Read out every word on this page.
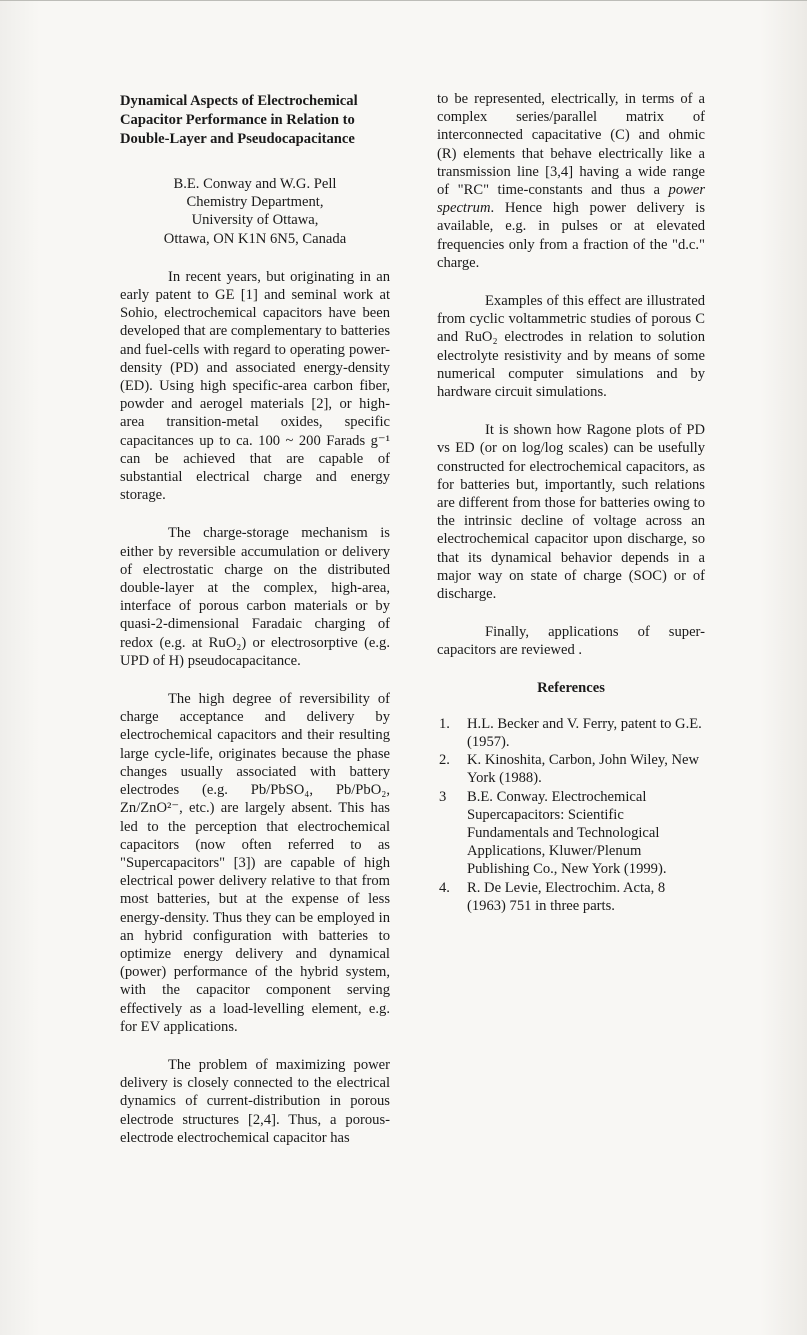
Dynamical Aspects of Electrochemical Capacitor Performance in Relation to Double-Layer and Pseudocapacitance

B.E. Conway and W.G. Pell
Chemistry Department,
University of Ottawa,
Ottawa, ON K1N 6N5, Canada

In recent years, but originating in an early patent to GE [1] and seminal work at Sohio, electrochemical capacitors have been developed that are complementary to batteries and fuel-cells with regard to operating power-density (PD) and associated energy-density (ED). Using high specific-area carbon fiber, powder and aerogel materials [2], or high-area transition-metal oxides, specific capacitances up to ca. 100 ~ 200 Farads g⁻¹ can be achieved that are capable of substantial electrical charge and energy storage.

The charge-storage mechanism is either by reversible accumulation or delivery of electrostatic charge on the distributed double-layer at the complex, high-area, interface of porous carbon materials or by quasi-2-dimensional Faradaic charging of redox (e.g. at RuO₂) or electrosorptive (e.g. UPD of H) pseudocapacitance.

The high degree of reversibility of charge acceptance and delivery by electrochemical capacitors and their resulting large cycle-life, originates because the phase changes usually associated with battery electrodes (e.g. Pb/PbSO₄, Pb/PbO₂, Zn/ZnO²⁻, etc.) are largely absent. This has led to the perception that electrochemical capacitors (now often referred to as "Supercapacitors" [3]) are capable of high electrical power delivery relative to that from most batteries, but at the expense of less energy-density. Thus they can be employed in an hybrid configuration with batteries to optimize energy delivery and dynamical (power) performance of the hybrid system, with the capacitor component serving effectively as a load-levelling element, e.g. for EV applications.

The problem of maximizing power delivery is closely connected to the electrical dynamics of current-distribution in porous electrode structures [2,4]. Thus, a porous-electrode electrochemical capacitor has

to be represented, electrically, in terms of a complex series/parallel matrix of interconnected capacitative (C) and ohmic (R) elements that behave electrically like a transmission line [3,4] having a wide range of "RC" time-constants and thus a power spectrum. Hence high power delivery is available, e.g. in pulses or at elevated frequencies only from a fraction of the "d.c." charge.

Examples of this effect are illustrated from cyclic voltammetric studies of porous C and RuO₂ electrodes in relation to solution electrolyte resistivity and by means of some numerical computer simulations and by hardware circuit simulations.

It is shown how Ragone plots of PD vs ED (or on log/log scales) can be usefully constructed for electrochemical capacitors, as for batteries but, importantly, such relations are different from those for batteries owing to the intrinsic decline of voltage across an electrochemical capacitor upon discharge, so that its dynamical behavior depends in a major way on state of charge (SOC) or of discharge.

Finally, applications of super-capacitors are reviewed .

References
1.	H.L. Becker and V. Ferry, patent to G.E. (1957).
2.	K. Kinoshita, Carbon, John Wiley, New York (1988).
3	B.E. Conway. Electrochemical Supercapacitors: Scientific Fundamentals and Technological Applications, Kluwer/Plenum Publishing Co., New York (1999).
4.	R. De Levie, Electrochim. Acta, 8 (1963) 751 in three parts.
